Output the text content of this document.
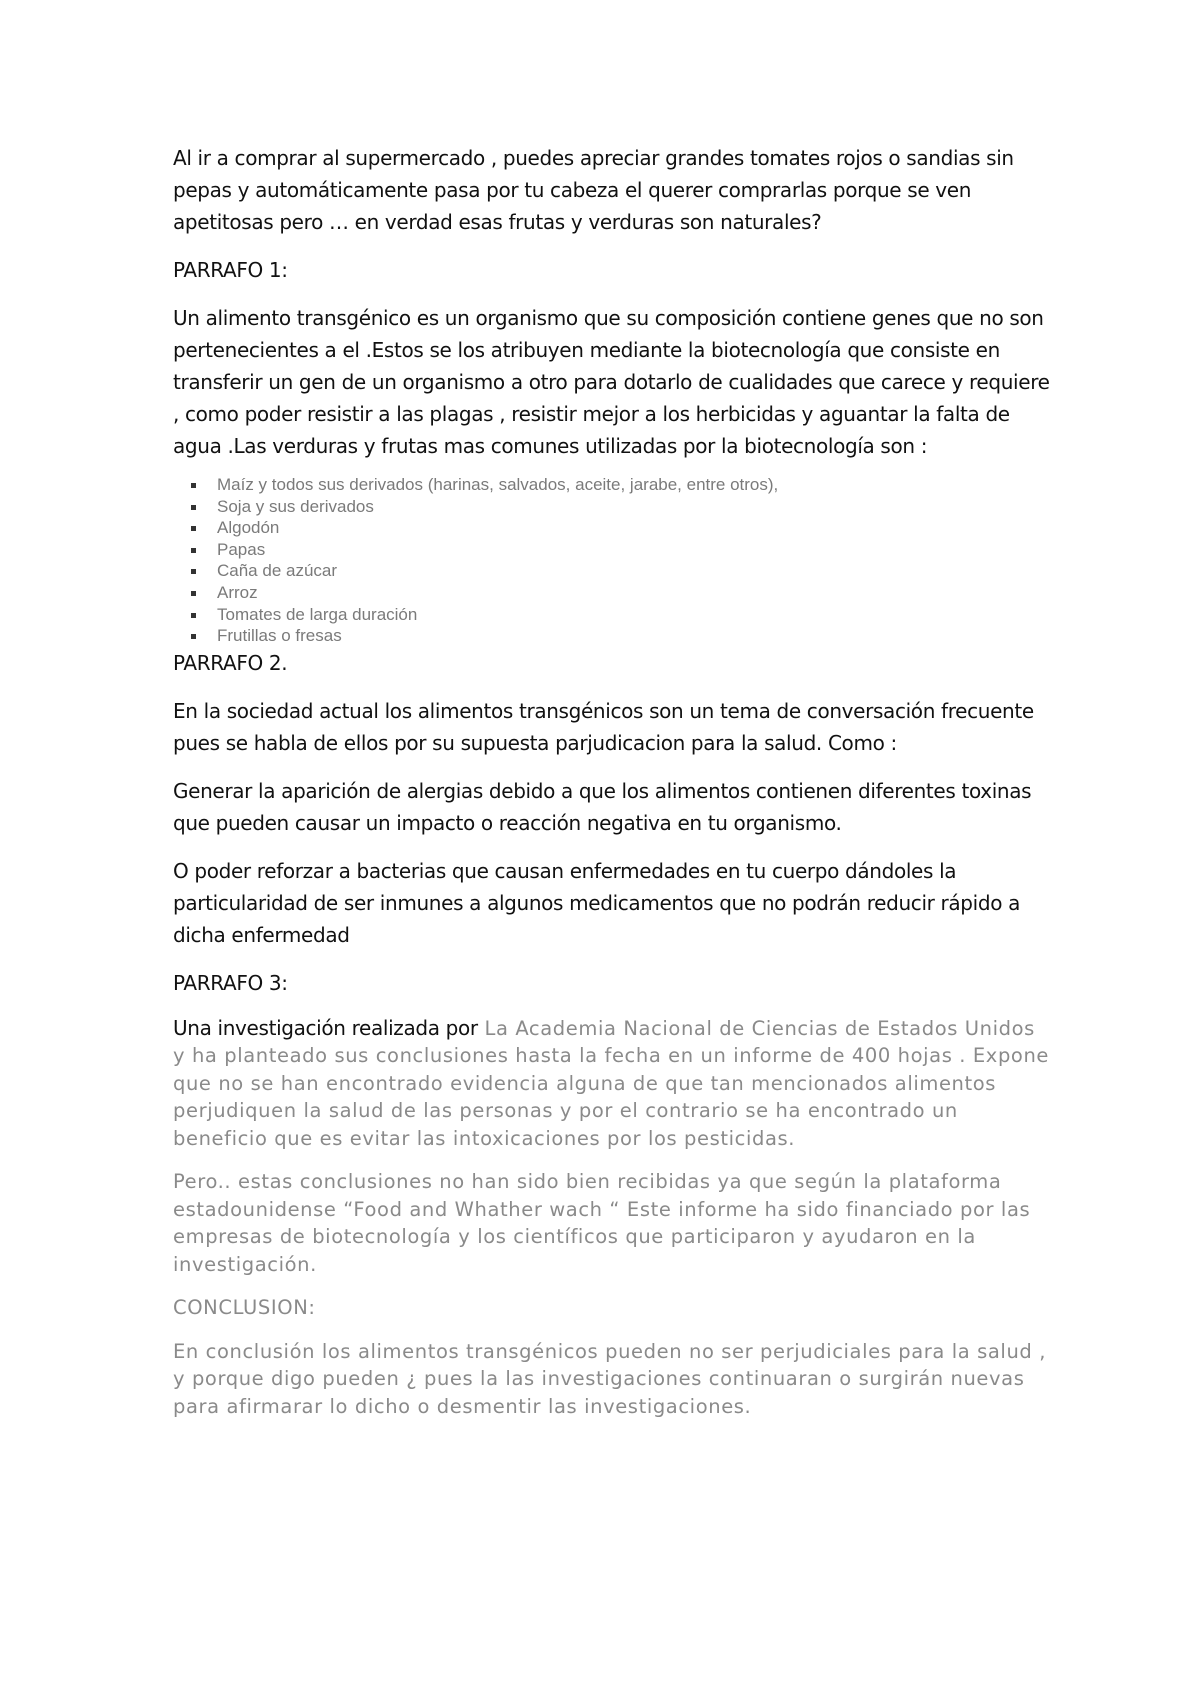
Al ir a comprar al supermercado , puedes apreciar grandes tomates rojos o sandias sin pepas y automáticamente pasa por tu cabeza el querer comprarlas porque se ven apetitosas pero … en verdad esas frutas y verduras son naturales?

PARRAFO 1:

Un alimento transgénico es un organismo que su composición contiene genes que no son pertenecientes a el .Estos se los atribuyen mediante la biotecnología que consiste en transferir un gen de un organismo a otro para dotarlo de cualidades que carece y requiere , como poder resistir a las plagas , resistir mejor a los herbicidas y aguantar la falta de agua .Las verduras y frutas mas comunes utilizadas por la biotecnología son :

Maíz y todos sus derivados (harinas, salvados, aceite, jarabe, entre otros),
Soja y sus derivados
Algodón
Papas
Caña de azúcar
Arroz
Tomates de larga duración
Frutillas o fresas

PARRAFO 2.

En la sociedad actual los alimentos transgénicos son un tema de conversación frecuente pues se habla de ellos por su supuesta parjudicacion para la salud. Como :

Generar la aparición de alergias debido a que los alimentos contienen diferentes toxinas que pueden causar un impacto o reacción negativa en tu organismo.

O poder reforzar a bacterias que causan enfermedades en tu cuerpo dándoles la particularidad de ser inmunes a algunos medicamentos que no podrán reducir rápido a dicha enfermedad

PARRAFO 3:

Una investigación realizada por La Academia Nacional de Ciencias de Estados Unidos y ha planteado sus conclusiones hasta la fecha en un informe de 400 hojas . Expone que no se han encontrado evidencia alguna de que tan mencionados alimentos perjudiquen la salud de las personas y por el contrario se ha encontrado un beneficio que es evitar las intoxicaciones por los pesticidas.

Pero.. estas conclusiones no han sido bien recibidas ya que según la plataforma estadounidense “Food and Whather wach “ Este informe ha sido financiado por las empresas de biotecnología y los científicos que participaron y ayudaron en la investigación.

CONCLUSION:

En conclusión los alimentos transgénicos pueden no ser perjudiciales para la salud , y porque digo pueden ¿ pues la las investigaciones continuaran o surgirán nuevas para afirmarar lo dicho o desmentir las investigaciones.
